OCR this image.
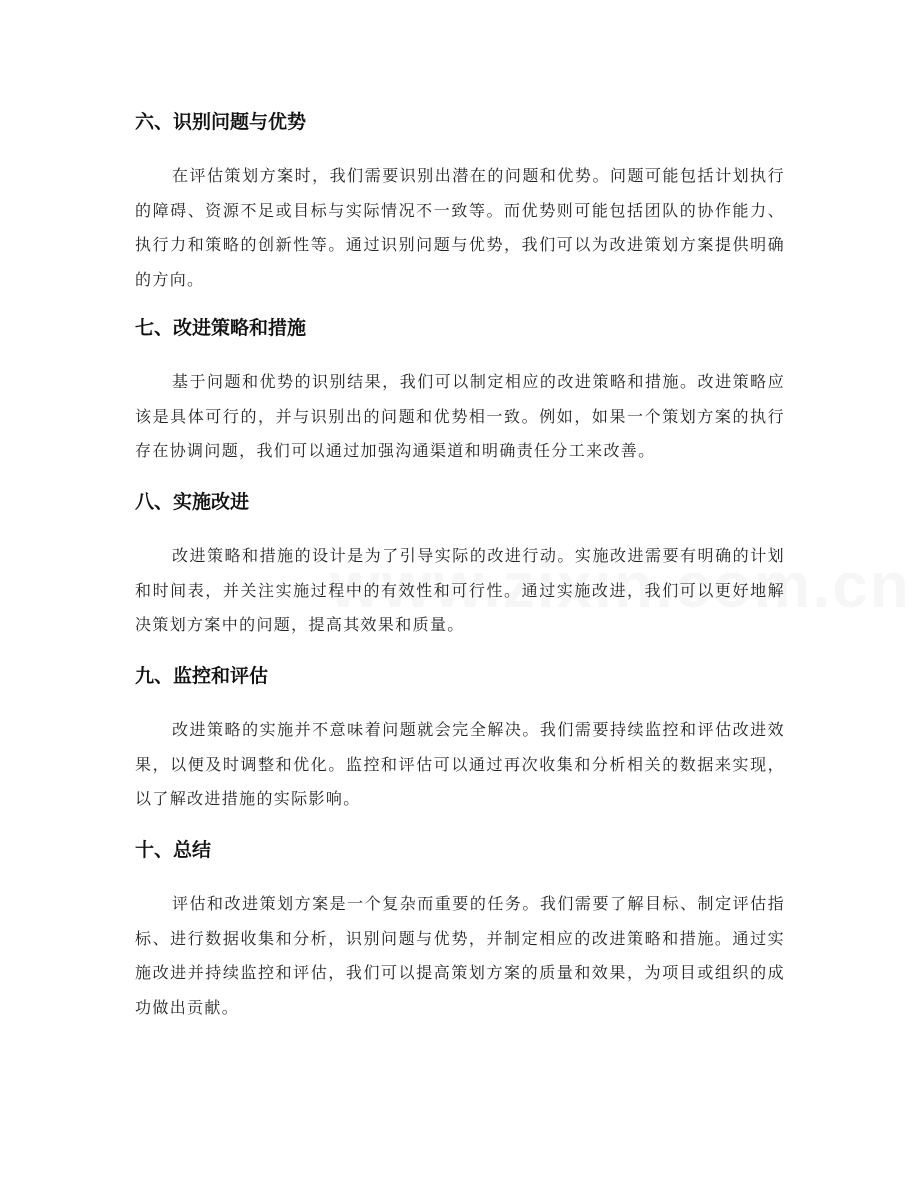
六、识别问题与优势

在评估策划方案时，我们需要识别出潜在的问题和优势。问题可能包括计划执行的障碍、资源不足或目标与实际情况不一致等。而优势则可能包括团队的协作能力、执行力和策略的创新性等。通过识别问题与优势，我们可以为改进策划方案提供明确的方向。

七、改进策略和措施

基于问题和优势的识别结果，我们可以制定相应的改进策略和措施。改进策略应该是具体可行的，并与识别出的问题和优势相一致。例如，如果一个策划方案的执行存在协调问题，我们可以通过加强沟通渠道和明确责任分工来改善。

八、实施改进

改进策略和措施的设计是为了引导实际的改进行动。实施改进需要有明确的计划和时间表，并关注实施过程中的有效性和可行性。通过实施改进，我们可以更好地解决策划方案中的问题，提高其效果和质量。

九、监控和评估

改进策略的实施并不意味着问题就会完全解决。我们需要持续监控和评估改进效果，以便及时调整和优化。监控和评估可以通过再次收集和分析相关的数据来实现，以了解改进措施的实际影响。

十、总结

评估和改进策划方案是一个复杂而重要的任务。我们需要了解目标、制定评估指标、进行数据收集和分析，识别问题与优势，并制定相应的改进策略和措施。通过实施改进并持续监控和评估，我们可以提高策划方案的质量和效果，为项目或组织的成功做出贡献。
